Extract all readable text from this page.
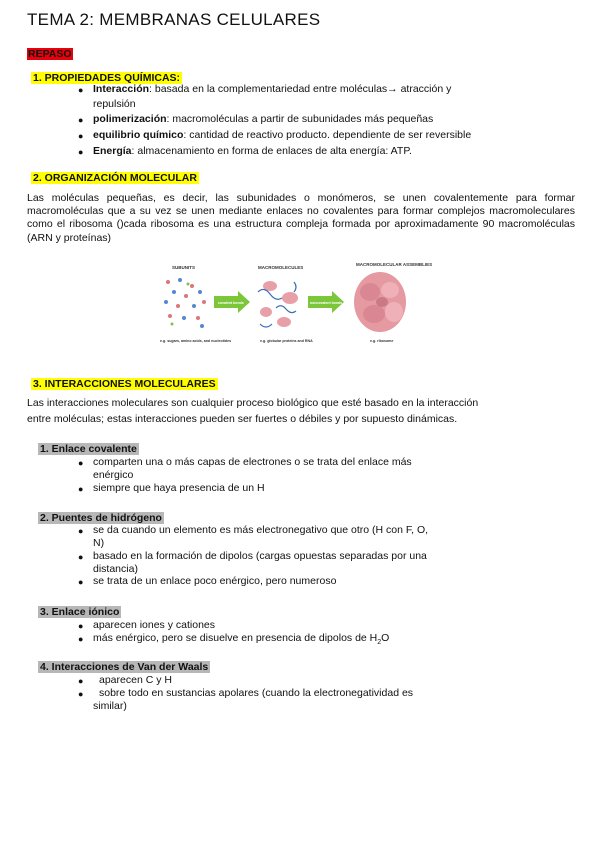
TEMA 2: MEMBRANAS CELULARES
REPASO
1. PROPIEDADES QUÍMICAS:
● Interacción: basada en la complementariedad entre moléculas→ atracción y
repulsión
● polimerización: macromoléculas a partir de subunidades más pequeñas
● equilibrio químico: cantidad de reactivo producto. dependiente de ser reversible
● Energía: almacenamiento en forma de enlaces de alta energía: ATP.
2. ORGANIZACIÓN MOLECULAR
Las moléculas pequeñas, es decir, las subunidades o monómeros, se unen covalentemente para formar macromoléculas que a su vez se unen mediante enlaces no covalentes para formar complejos macromoleculares como el ribosoma ()cada ribosoma es una estructura compleja formada por aproximadamente 90 macromoléculas (ARN y proteínas)
SUBUNITS	MACROMOLECULES
MACROMOLECULAR ASSEMBLIES
covalent bonds	noncovalent bonds
e.g. sugars, amino acids, and nucleotides	e.g. globular proteins and RNA	e.g. ribosome
3. INTERACCIONES MOLECULARES
Las interacciones moleculares son cualquier proceso biológico que esté basado en la interacción
entre moléculas; estas interacciones pueden ser fuertes o débiles y por supuesto dinámicas.
1. Enlace covalente
● comparten una o más capas de electrones o se trata del enlace más
enérgico
● siempre que haya presencia de un H
2. Puentes de hidrógeno
● se da cuando un elemento es más electronegativo que otro (H con F, O,
N)
● basado en la formación de dipolos (cargas opuestas separadas por una
distancia)
● se trata de un enlace poco enérgico, pero numeroso
3. Enlace iónico
● aparecen iones y cationes
● más enérgico, pero se disuelve en presencia de dipolos de $H_2O$
4. Interacciones de Van der Waals
● aparecen C y H
● sobre todo en sustancias apolares (cuando la electronegatividad es
similar)
